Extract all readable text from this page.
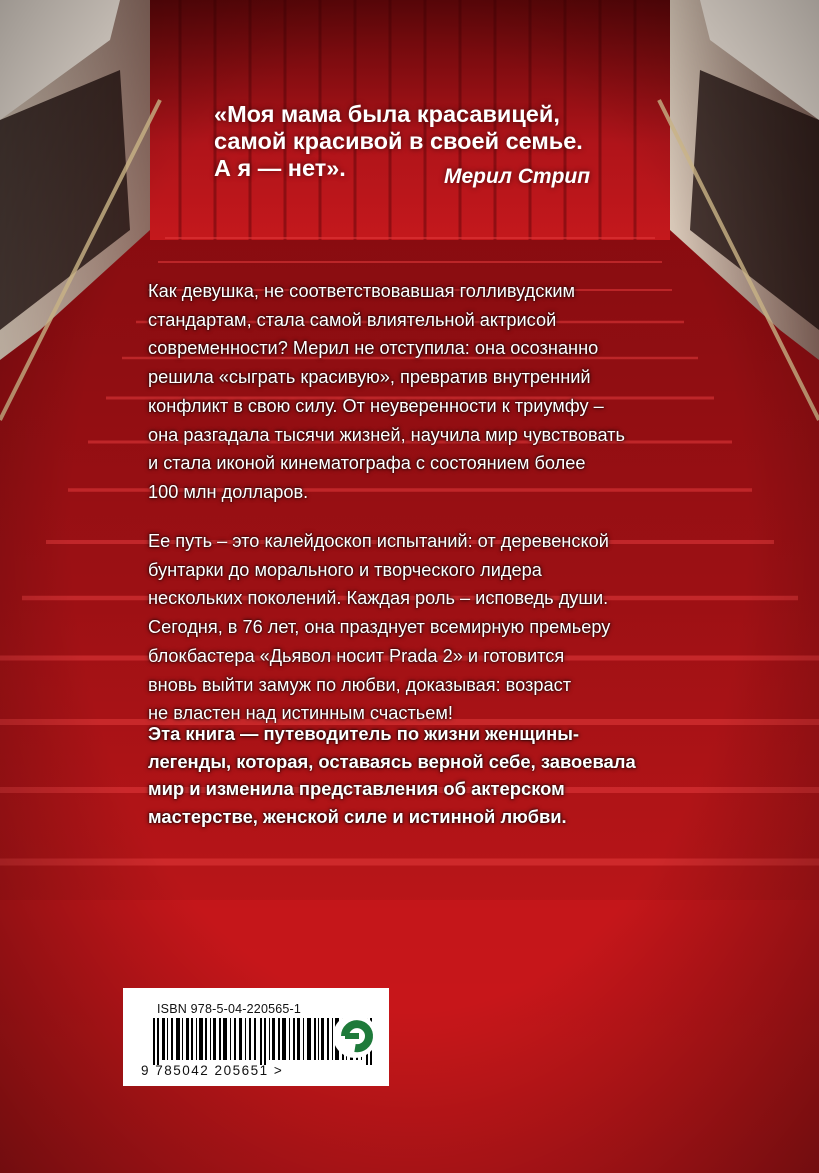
«Моя мама была красавицей,
самой красивой в своей семье.
А я — нет».	Мерил Стрип

Как девушка, не соответствовавшая голливудским
стандартам, стала самой влиятельной актрисой
современности? Мерил не отступила: она осознанно
решила «сыграть красивую», превратив внутренний
конфликт в свою силу. От неуверенности к триумфу –
она разгадала тысячи жизней, научила мир чувствовать
и стала иконой кинематографа с состоянием более
100 млн долларов.

Ее путь – это калейдоскоп испытаний: от деревенской
бунтарки до морального и творческого лидера
нескольких поколений. Каждая роль – исповедь души.
Сегодня, в 76 лет, она празднует всемирную премьеру
блокбастера «Дьявол носит Prada 2» и готовится
вновь выйти замуж по любви, доказывая: возраст
не властен над истинным счастьем!

Эта книга — путеводитель по жизни женщины-
легенды, которая, оставаясь верной себе, завоевала
мир и изменила представления об актерском
мастерстве, женской силе и истинной любви.

ISBN 978-5-04-220565-1
9 785042 205651 >	ЭКСМО
